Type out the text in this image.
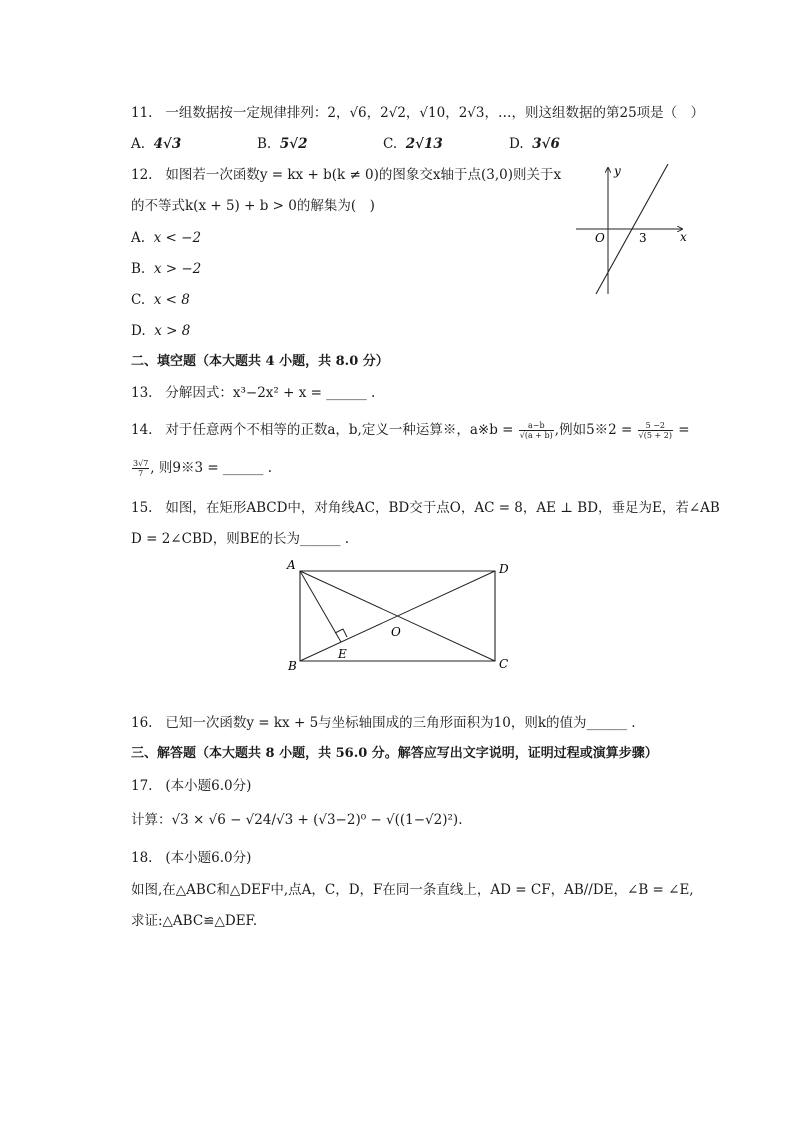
11. 一组数据按一定规律排列：2，√6，2√2，√10，2√3，…，则这组数据的第25项是（　）
A. 4√3	B. 5√2	C. 2√13	D. 3√6
12. 如图若一次函数y = kx + b(k ≠ 0)的图象交x轴于点(3,0)则关于x
的不等式k(x + 5) + b > 0的解集为(　)
A. x < −2
B. x > −2
C. x < 8
D. x > 8
y
x
O	3
二、填空题（本大题共 4 小题，共 8.0 分）
13. 分解因式：x³−2x² + x = ______ .
14. 对于任意两个不相等的正数a，b,定义一种运算※，a※b = $\frac{a-b}{√(a + b)}$ ,例如5※2 = $\frac{5 -2}{√(5 + 2)}$ =
$\frac{3√7}{7}$ , 则9※3 = ______ .
15. 如图，在矩形ABCD中，对角线AC，BD交于点O，AC = 8，AE ⊥ BD，垂足为E，若∠AB
D = 2∠CBD，则BE的长为______ .
A	D
B	C
O
E
16. 已知一次函数y = kx + 5与坐标轴围成的三角形面积为10，则k的值为______ .
三、解答题（本大题共 8 小题，共 56.0 分。解答应写出文字说明，证明过程或演算步骤）
17. (本小题6.0分)
计算：√3 × √6 − √24/√3 + (√3−2)⁰ − √((1−√2)²).
18. (本小题6.0分)
如图,在△ABC和△DEF中,点A，C，D，F在同一条直线上，AD = CF，AB//DE，∠B = ∠E,
求证:△ABC≌△DEF.
